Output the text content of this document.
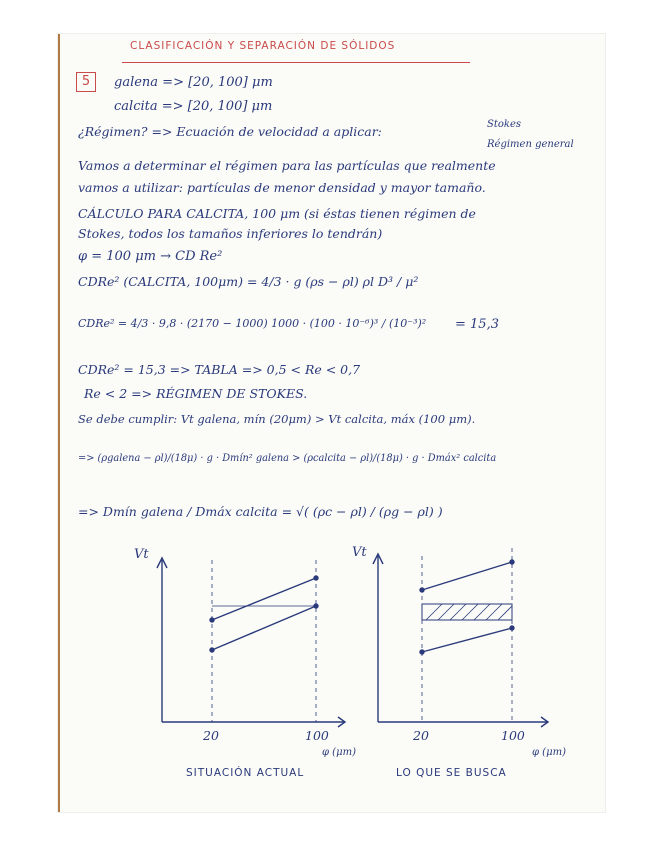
CLASIFICACIÓN Y SEPARACIÓN DE SÓLIDOS
5	galena => [20, 100] μm
calcita => [20, 100] μm
¿Régimen? => Ecuación de velocidad a aplicar:	Stokes
Régimen general
Vamos a determinar el régimen para las partículas que realmente
vamos a utilizar: partículas de menor densidad y mayor tamaño.
CÁLCULO PARA CALCITA, 100 μm (si éstas tienen régimen de
Stokes, todos los tamaños inferiores lo tendrán)
φ = 100 μm → CD Re²
CDRe² (CALCITA, 100μm) = 4/3 · g (ρs − ρl) ρl D³ / μ²
CDRe² = 4/3 · 9,8 · (2170 − 1000) 1000 · (100 · 10⁻⁶)³ / (10⁻³)² = 15,3
CDRe² = 15,3 => TABLA => 0,5 < Re < 0,7
Re < 2 => RÉGIMEN DE STOKES.
Se debe cumplir: Vt galena, mín (20μm) > Vt calcita, máx (100 μm).
=> (ρgalena − ρl)/(18μ) · g · Dmín² galena > (ρcalcita − ρl)/(18μ) · g · Dmáx² calcita
=> Dmín galena / Dmáx calcita = √( (ρc − ρl) / (ρg − ρl) )
Vt
20	100
φ (μm)
SITUACIÓN ACTUAL
Vt
20	100
φ (μm)
LO QUE SE BUSCA
